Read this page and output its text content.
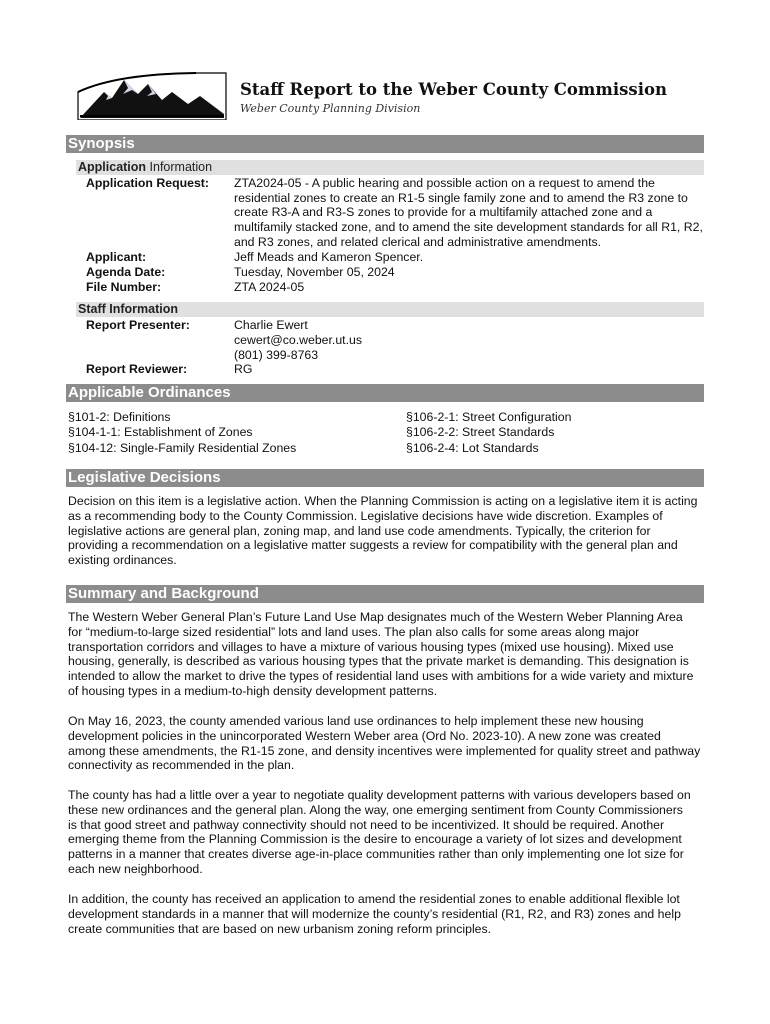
Staff Report to the Weber County Commission
Weber County Planning Division
Synopsis
Application Information
Application Request: ZTA2024-05 - A public hearing and possible action on a request to amend the residential zones to create an R1-5 single family zone and to amend the R3 zone to create R3-A and R3-S zones to provide for a multifamily attached zone and a multifamily stacked zone, and to amend the site development standards for all R1, R2, and R3 zones, and related clerical and administrative amendments.
Applicant:	Jeff Meads and Kameron Spencer.
Agenda Date:	Tuesday, November 05, 2024
File Number:	ZTA 2024-05
Staff Information
Report Presenter:	Charlie Ewert
cewert@co.weber.ut.us
(801) 399-8763
Report Reviewer:	RG
Applicable Ordinances
§101-2: Definitions
§104-1-1: Establishment of Zones
§104-12: Single-Family Residential Zones
§106-2-1: Street Configuration
§106-2-2: Street Standards
§106-2-4: Lot Standards
Legislative Decisions
Decision on this item is a legislative action. When the Planning Commission is acting on a legislative item it is acting
as a recommending body to the County Commission. Legislative decisions have wide discretion. Examples of
legislative actions are general plan, zoning map, and land use code amendments. Typically, the criterion for
providing a recommendation on a legislative matter suggests a review for compatibility with the general plan and
existing ordinances.
Summary and Background
The Western Weber General Plan’s Future Land Use Map designates much of the Western Weber Planning Area
for “medium-to-large sized residential” lots and land uses. The plan also calls for some areas along major
transportation corridors and villages to have a mixture of various housing types (mixed use housing). Mixed use
housing, generally, is described as various housing types that the private market is demanding. This designation is
intended to allow the market to drive the types of residential land uses with ambitions for a wide variety and mixture
of housing types in a medium-to-high density development patterns.
On May 16, 2023, the county amended various land use ordinances to help implement these new housing
development policies in the unincorporated Western Weber area (Ord No. 2023-10). A new zone was created
among these amendments, the R1-15 zone, and density incentives were implemented for quality street and pathway
connectivity as recommended in the plan.
The county has had a little over a year to negotiate quality development patterns with various developers based on
these new ordinances and the general plan. Along the way, one emerging sentiment from County Commissioners
is that good street and pathway connectivity should not need to be incentivized. It should be required. Another
emerging theme from the Planning Commission is the desire to encourage a variety of lot sizes and development
patterns in a manner that creates diverse age-in-place communities rather than only implementing one lot size for
each new neighborhood.
In addition, the county has received an application to amend the residential zones to enable additional flexible lot
development standards in a manner that will modernize the county’s residential (R1, R2, and R3) zones and help
create communities that are based on new urbanism zoning reform principles.
